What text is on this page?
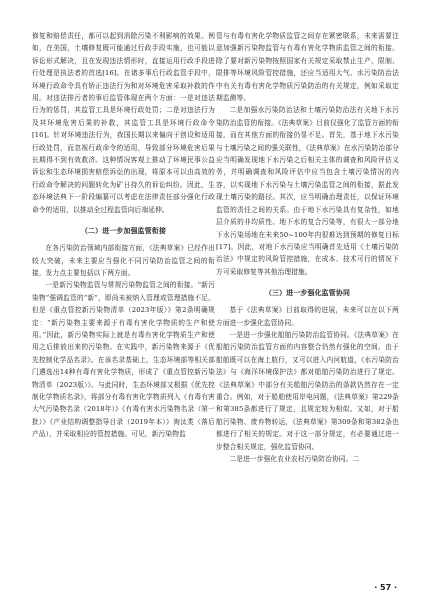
修复和赔偿责任，都可以起到消除污染不利影响的效果。例如，在美国，土壤修复既可能通过行政手段实施，也可能以诉讼形式解决，且在发现违法情形时，直接运用行政手段进行处理是执法者的首选[16]。在诸多事后行政监管手段中，环境行政命令具有矫正违法行为和对环境危害采取补救的作用。对违法排污者的事后监管体现在两个方面：一是对违法行为的惩罚，其监管工具是环境行政处罚；二是对违法行为及其环境危害后果的补救，其监管工具是环境行政命令[16]。针对环境违法行为，我国长期以来偏向于创设和适用行政处罚，而忽视行政命令的适用，导致部分环境危害后果长期得不到有效救济。这种情况客观上推动了环境民事公益诉讼和生态环境损害赔偿诉讼的出现，将原本可以由高效的行政命令解决的问题转化为矿日持久的诉讼纠纷。因此，生态环境法典下一阶段编纂可以考虑在法律责任部分强化行政命令的适用，以推动全过程监管向后端延伸。

（二）进一步加强监管衔接

在各污染防治领域内部衔接方面，《法典草案》已经作出较大突破，未来主要应当强化不同污染防治监管之间的衔接，发力点主要包括以下两方面。

一是新污染物监管与常规污染物监管之间的衔接。“新污染物”强调监管的“新”，即尚未被纳入管理或管理措施不足。但是《重点管控新污染物清单（2023年版）》第2条明确规定：“新污染物主要来源于有毒有害化学物质的生产和使用。”因此，新污染物实际上就是有毒有害化学物质生产和使用之后排放出来的污染物。在实践中，新污染物来源于《优先控制化学品名录》。在该名录基础上，生态环境部等相关部门遴选出14种有毒有害化学物质，形成了《重点管控新污染物清单（2023版）》。与此同时，生态环境部又根据《优先控制化学物质名录》，将部分有毒有害化学物质列入《有毒有害大气污染物名录（2018年）》《有毒有害水污染物名录（第一批）》《产业结构调整指导目录（2019年本）》淘汰类（落后产品），并采取相应的管控措施。可见，新污染物监

管与有毒有害化学物质监管之间存在紧密联系，未来需要注意加强新污染物监管与有毒有害化学物质监管之间的衔接。除了要对新污染物按照国家有关规定采取禁止生产、限制、限排等环境风险管控措施，还应当适用大气、水污染防治法中有关有毒有害化学物质污染防治的有关规定，例如采取定期监测等。

二是加强水污染防治法和土壤污染防治法有关地下水污染防治监管的衔接。《法典草案》目前仅强化了监管方面的衔接，而在其他方面的衔接仍显不足。首先，基于地下水污染与土壤污染之间的强关联性，《法典草案》在水污染防治部分应当明确发现地下水污染之后相关主体的调查和风险评估义务，并明确调查和风险评估中应当包含土壤污染情况的内容，以实现地下水污染与土壤污染监管之间的衔接，据此发现土壤污染的路径。其次，应当明确治理责任，以保证环境监管的责任之间的关系。由于地下水污染具有复杂性，如地层介质的非均质性、地下水的复合污染等，有很大一部分地下水污染场地在未来50~100年内很难达到预期的修复目标[17]。因此，对地下水污染应当明确首先适用《土壤污染防治法》中规定的风险管控措施，在成本、技术可行的情况下方可采取修复等其他治理措施。

（三）进一步强化监管协同

基于《法典草案》目前取得的进展，未来可以在以下两方面进一步强化监管协同。

一是进一步强化船舶污染防治监管协同。《法典草案》在船舶污染防治监管方面的内容整合仍然有强化的空间。由于船舶既可以在海上航行，又可以进入内河航道，《水污染防治法》与《海洋环境保护法》都对船舶污染防治进行了规定。《法典草案》中部分有关船舶污染防治的条款仍然存在一定重合。例如，对于船舶使用岸电问题，《法典草案》第229条和第385条都进行了规定，且规定较为相似。又如，对于船舶污染物、废弃物转运，《法典草案》第309条和第382条也都进行了相关的规定。对于这一部分规定，有必要通过进一步整合相关规定，强化监管协同。

二是进一步强化农业农村污染防治协同。二

· 57 ·
